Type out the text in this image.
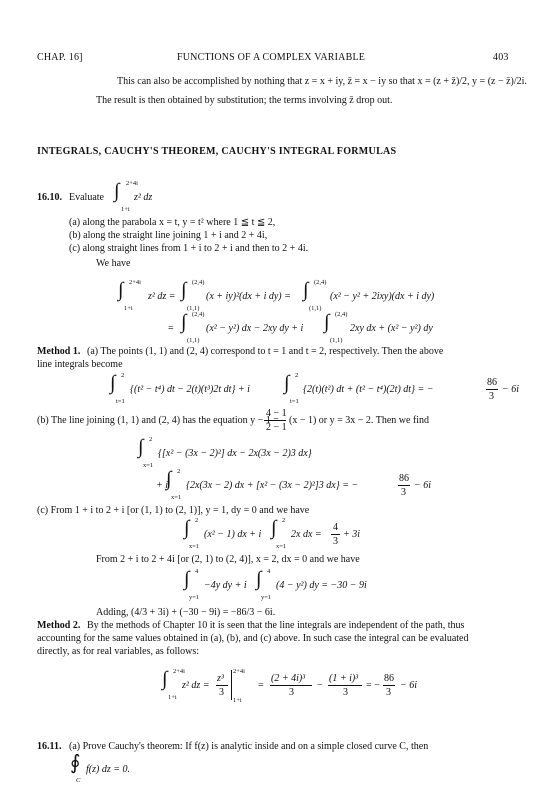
CHAP. 16]	FUNCTIONS OF A COMPLEX VARIABLE	403
This can also be accomplished by nothing that z = x + iy, z̄ = x − iy so that x = (z + z̄)/2, y = (z − z̄)/2i.
The result is then obtained by substitution; the terms involving z̄ drop out.
INTEGRALS, CAUCHY'S THEOREM, CAUCHY'S INTEGRAL FORMULAS
16.10. Evaluate ∫ 2+4i
1+i
z² dz
(a) along the parabola x = t, y = t² where 1 ≦ t ≦ 2,
(b) along the straight line joining 1 + i and 2 + 4i,
(c) along straight lines from 1 + i to 2 + i and then to 2 + 4i.
We have
∫ 2+4i
1+i
z² dz = ∫ (2,4)
(1,1)
(x + iy)²(dx + i dy) = ∫ (2,4)
(1,1)
(x² − y² + 2ixy)(dx + i dy)
= ∫ (2,4)
(1,1)
(x² − y²) dx − 2xy dy + i ∫ (2,4)
(1,1)
2xy dx + (x² − y²) dy
Method 1. (a) The points (1, 1) and (2, 4) correspond to t = 1 and t = 2, respectively. Then the above
line integrals become
∫ 2
t=1
{(t² − t⁴) dt − 2(t)(t³)2t dt} + i ∫ 2
t=1
{2(t)(t²) dt + (t² − t⁴)(2t) dt} = −
86
3
− 6i
(b) The line joining (1, 1) and (2, 4) has the equation y − 1 =
4 − 1
2 − 1
(x − 1) or y = 3x − 2. Then we find
∫ 2
x=1
{[x² − (3x − 2)²] dx − 2x(3x − 2)3 dx}
+ i
∫ 2
x=1
{2x(3x − 2) dx + [x² − (3x − 2)²]3 dx} = −
86
3
− 6i
(c) From 1 + i to 2 + i [or (1, 1) to (2, 1)], y = 1, dy = 0 and we have
∫ 2
x=1
(x² − 1) dx + i ∫ 2
x=1
2x dx =
4
3
+ 3i
From 2 + i to 2 + 4i [or (2, 1) to (2, 4)], x = 2, dx = 0 and we have
∫ 4
y=1
−4y dy + i ∫ 4
y=1
(4 − y²) dy = −30 − 9i
Adding, (4/3 + 3i) + (−30 − 9i) = −86/3 − 6i.
Method 2. By the methods of Chapter 10 it is seen that the line integrals are independent of the path, thus
accounting for the same values obtained in (a), (b), and (c) above. In such case the integral can be evaluated
directly, as for real variables, as follows:
∫ 2+4i
1+i
z² dz =
z³
3
2+4i
1+i
=
(2 + 4i)³
3
−
(1 + i)³
3
= −
86
3
− 6i
16.11. (a) Prove Cauchy's theorem: If f(z) is analytic inside and on a simple closed curve C, then
∮
C
f(z) dz = 0.
